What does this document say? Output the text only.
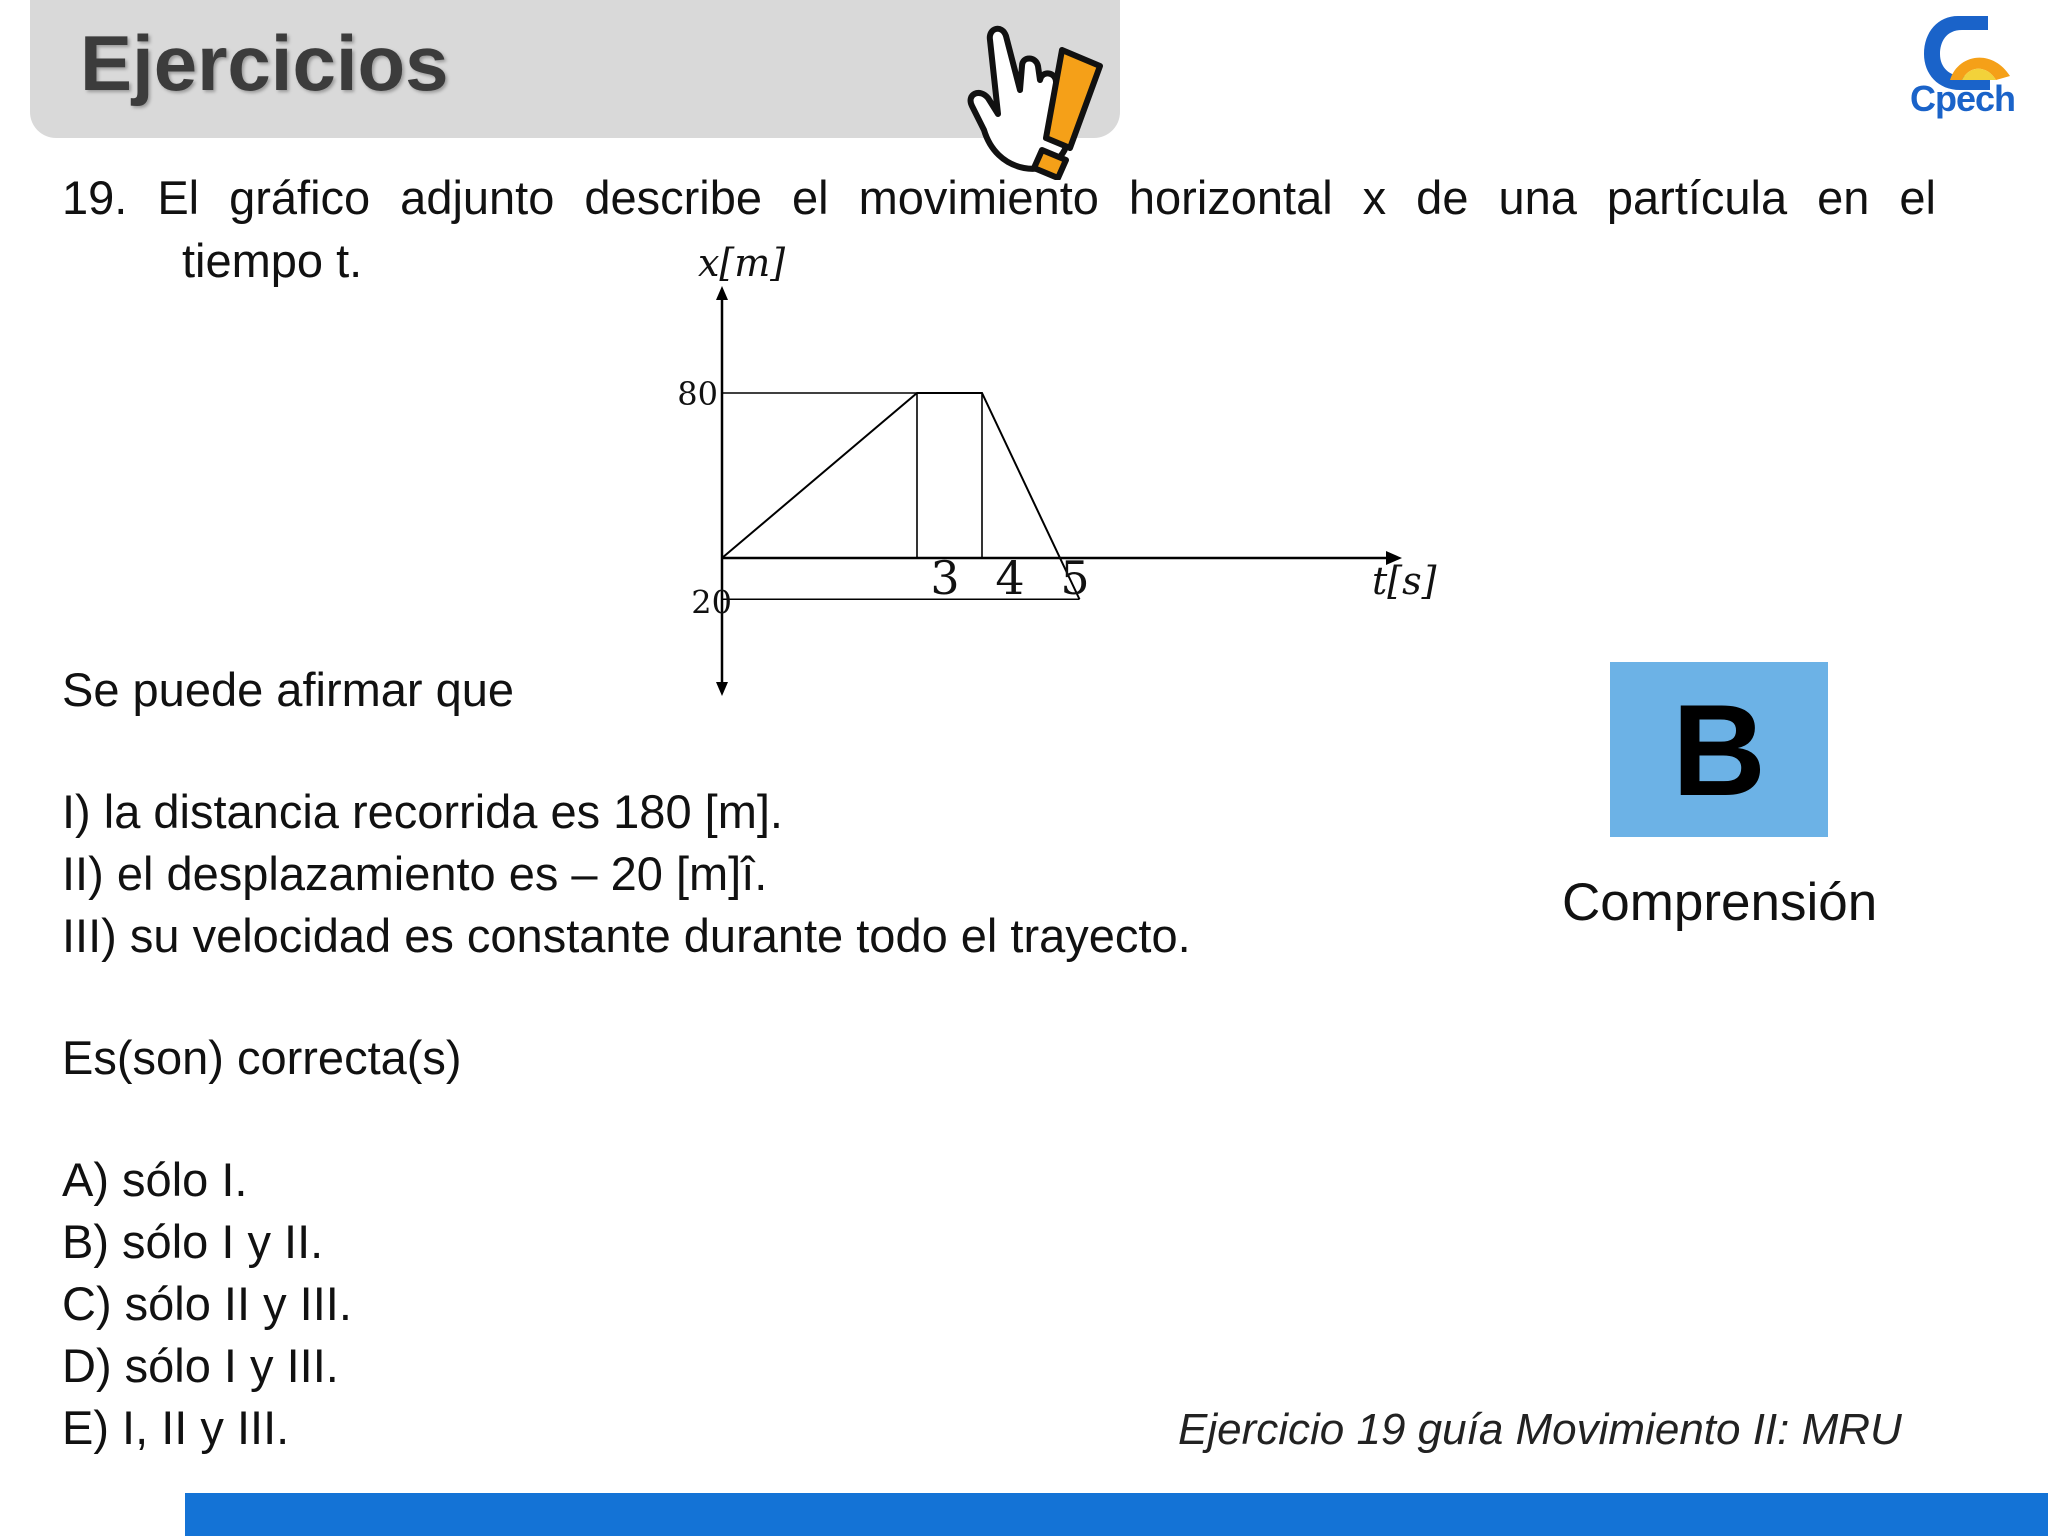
Ejercicios	Cpech
19. El gráfico adjunto describe el movimiento horizontal x de una partícula en el
tiempo t.
3 4 5
80
20
x[m]
t[s]
Se puede afirmar que
I) la distancia recorrida es 180 [m].
II) el desplazamiento es – 20 [m]î.
III) su velocidad es constante durante todo el trayecto.
Es(son) correcta(s)
A) sólo I.
B) sólo I y II.
C) sólo II y III.
D) sólo I y III.
E) I, II y III.
B
Comprensión
Ejercicio 19 guía Movimiento II: MRU
